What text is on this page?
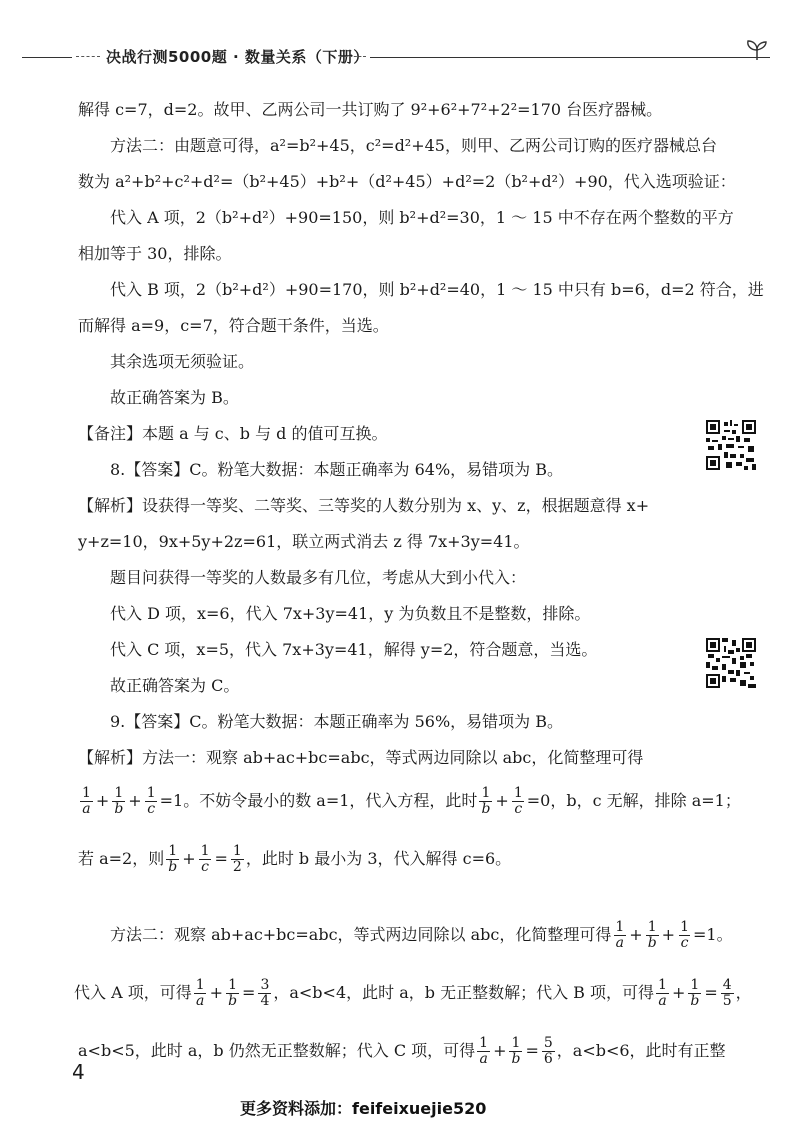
决战行测5000题 · 数量关系（下册）

解得 c=7，d=2。故甲、乙两公司一共订购了 9²+6²+7²+2²=170 台医疗器械。

方法二：由题意可得，a²=b²+45，c²=d²+45，则甲、乙两公司订购的医疗器械总台

数为 a²+b²+c²+d²=（b²+45）+b²+（d²+45）+d²=2（b²+d²）+90，代入选项验证：

代入 A 项，2（b²+d²）+90=150，则 b²+d²=30，1 ～ 15 中不存在两个整数的平方

相加等于 30，排除。

代入 B 项，2（b²+d²）+90=170，则 b²+d²=40，1 ～ 15 中只有 b=6，d=2 符合，进

而解得 a=9，c=7，符合题干条件，当选。

其余选项无须验证。

故正确答案为 B。

【备注】本题 a 与 c、b 与 d 的值可互换。

8.【答案】C。粉笔大数据：本题正确率为 64%，易错项为 B。

【解析】设获得一等奖、二等奖、三等奖的人数分别为 x、y、z，根据题意得 x+

y+z=10，9x+5y+2z=61，联立两式消去 z 得 7x+3y=41。

题目问获得一等奖的人数最多有几位，考虑从大到小代入：

代入 D 项，x=6，代入 7x+3y=41，y 为负数且不是整数，排除。

代入 C 项，x=5，代入 7x+3y=41，解得 y=2，符合题意，当选。

故正确答案为 C。

9.【答案】C。粉笔大数据：本题正确率为 56%，易错项为 B。

【解析】方法一：观察 ab+ac+bc=abc，等式两边同除以 abc，化简整理可得

$\frac{1}{a} + \frac{1}{b} + \frac{1}{c} =1$。不妨令最小的数 a=1，代入方程，此时 $\frac{1}{b} + \frac{1}{c} =0$，b，c 无解，排除 a=1；
若 a=2，则 $\frac{1}{b} + \frac{1}{c} = \frac{1}{2}$ ，此时 b 最小为 3，代入解得 c=6。
方法二：观察 ab+ac+bc=abc，等式两边同除以 abc，化简整理可得 $\frac{1}{a} + \frac{1}{b} + \frac{1}{c} =1$。
代入 A 项，可得 $\frac{1}{a} + \frac{1}{b} = \frac{3}{4}$ ，a<b<4，此时 a，b 无正整数解；代入 B 项，可得 $\frac{1}{a} + \frac{1}{b} = \frac{4}{5}$ ，
a<b<5，此时 a，b 仍然无正整数解；代入 C 项，可得 $\frac{1}{a} + \frac{1}{b} = \frac{5}{6}$ ，a<b<6，此时有正整
4
更多资料添加：feifeixuejie520
